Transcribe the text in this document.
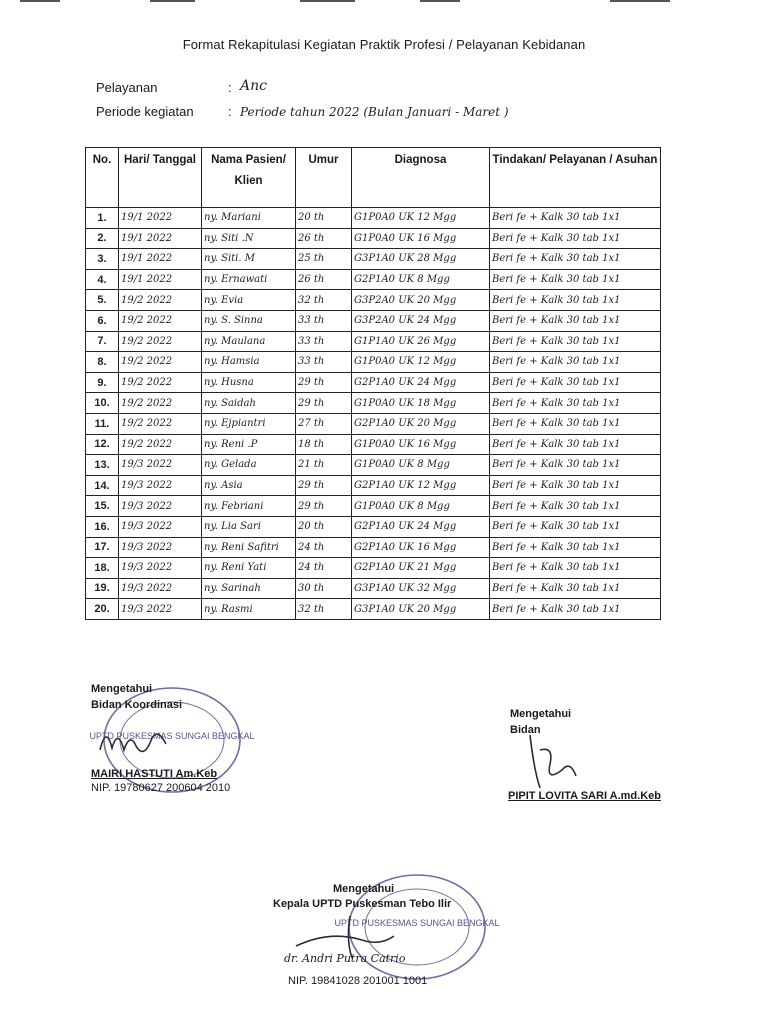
Format Rekapitulasi Kegiatan Praktik Profesi / Pelayanan Kebidanan
Pelayanan	: Anc
Periode kegiatan	: Periode tahun 2022 (Bulan Januari - Maret )
No.	Hari/ Tanggal	Nama Pasien/ Klien	Umur	Diagnosa	Tindakan/ Pelayanan / Asuhan
1.	19/1 2022	ny. Mariani	20 th	G1P0A0 UK 12 Mgg	Beri fe + Kalk 30 tab 1x1
2.	19/1 2022	ny. Siti .N	26 th	G1P0A0 UK 16 Mgg	Beri fe + Kalk 30 tab 1x1
3.	19/1 2022	ny. Siti. M	25 th	G3P1A0 UK 28 Mgg	Beri fe + Kalk 30 tab 1x1
4.	19/1 2022	ny. Ernawati	26 th	G2P1A0 UK 8 Mgg	Beri fe + Kalk 30 tab 1x1
5.	19/2 2022	ny. Evia	32 th	G3P2A0 UK 20 Mgg	Beri fe + Kalk 30 tab 1x1
6.	19/2 2022	ny. S. Sinna	33 th	G3P2A0 UK 24 Mgg	Beri fe + Kalk 30 tab 1x1
7.	19/2 2022	ny. Maulana	33 th	G1P1A0 UK 26 Mgg	Beri fe + Kalk 30 tab 1x1
8.	19/2 2022	ny. Hamsia	33 th	G1P0A0 UK 12 Mgg	Beri fe + Kalk 30 tab 1x1
9.	19/2 2022	ny. Husna	29 th	G2P1A0 UK 24 Mgg	Beri fe + Kalk 30 tab 1x1
10.	19/2 2022	ny. Saidah	29 th	G1P0A0 UK 18 Mgg	Beri fe + Kalk 30 tab 1x1
11.	19/2 2022	ny. Ejpiantri	27 th	G2P1A0 UK 20 Mgg	Beri fe + Kalk 30 tab 1x1
12.	19/2 2022	ny. Reni .P	18 th	G1P0A0 UK 16 Mgg	Beri fe + Kalk 30 tab 1x1
13.	19/3 2022	ny. Gelada	21 th	G1P0A0 UK 8 Mgg	Beri fe + Kalk 30 tab 1x1
14.	19/3 2022	ny. Asia	29 th	G2P1A0 UK 12 Mgg	Beri fe + Kalk 30 tab 1x1
15.	19/3 2022	ny. Febriani	29 th	G1P0A0 UK 8 Mgg	Beri fe + Kalk 30 tab 1x1
16.	19/3 2022	ny. Lia Sari	20 th	G2P1A0 UK 24 Mgg	Beri fe + Kalk 30 tab 1x1
17.	19/3 2022	ny. Reni Safitri	24 th	G2P1A0 UK 16 Mgg	Beri fe + Kalk 30 tab 1x1
18.	19/3 2022	ny. Reni Yati	24 th	G2P1A0 UK 21 Mgg	Beri fe + Kalk 30 tab 1x1
19.	19/3 2022	ny. Sarinah	30 th	G3P1A0 UK 32 Mgg	Beri fe + Kalk 30 tab 1x1
20.	19/3 2022	ny. Rasmi	32 th	G3P1A0 UK 20 Mgg	Beri fe + Kalk 30 tab 1x1
UPTD PUSKESMAS SUNGAI BENGKAL
Mengetahui
Bidan Koordinasi
MAIRI HASTUTI Am.Keb
NIP. 19780627 200604 2010
Mengetahui
Bidan
PIPIT LOVITA SARI A.md.Keb
UPTD PUSKESMAS SUNGAI BENGKAL
Mengetahui
Kepala UPTD Puskesman Tebo Ilir
dr. Andri Putra Catrio
NIP. 19841028 201001 1001
